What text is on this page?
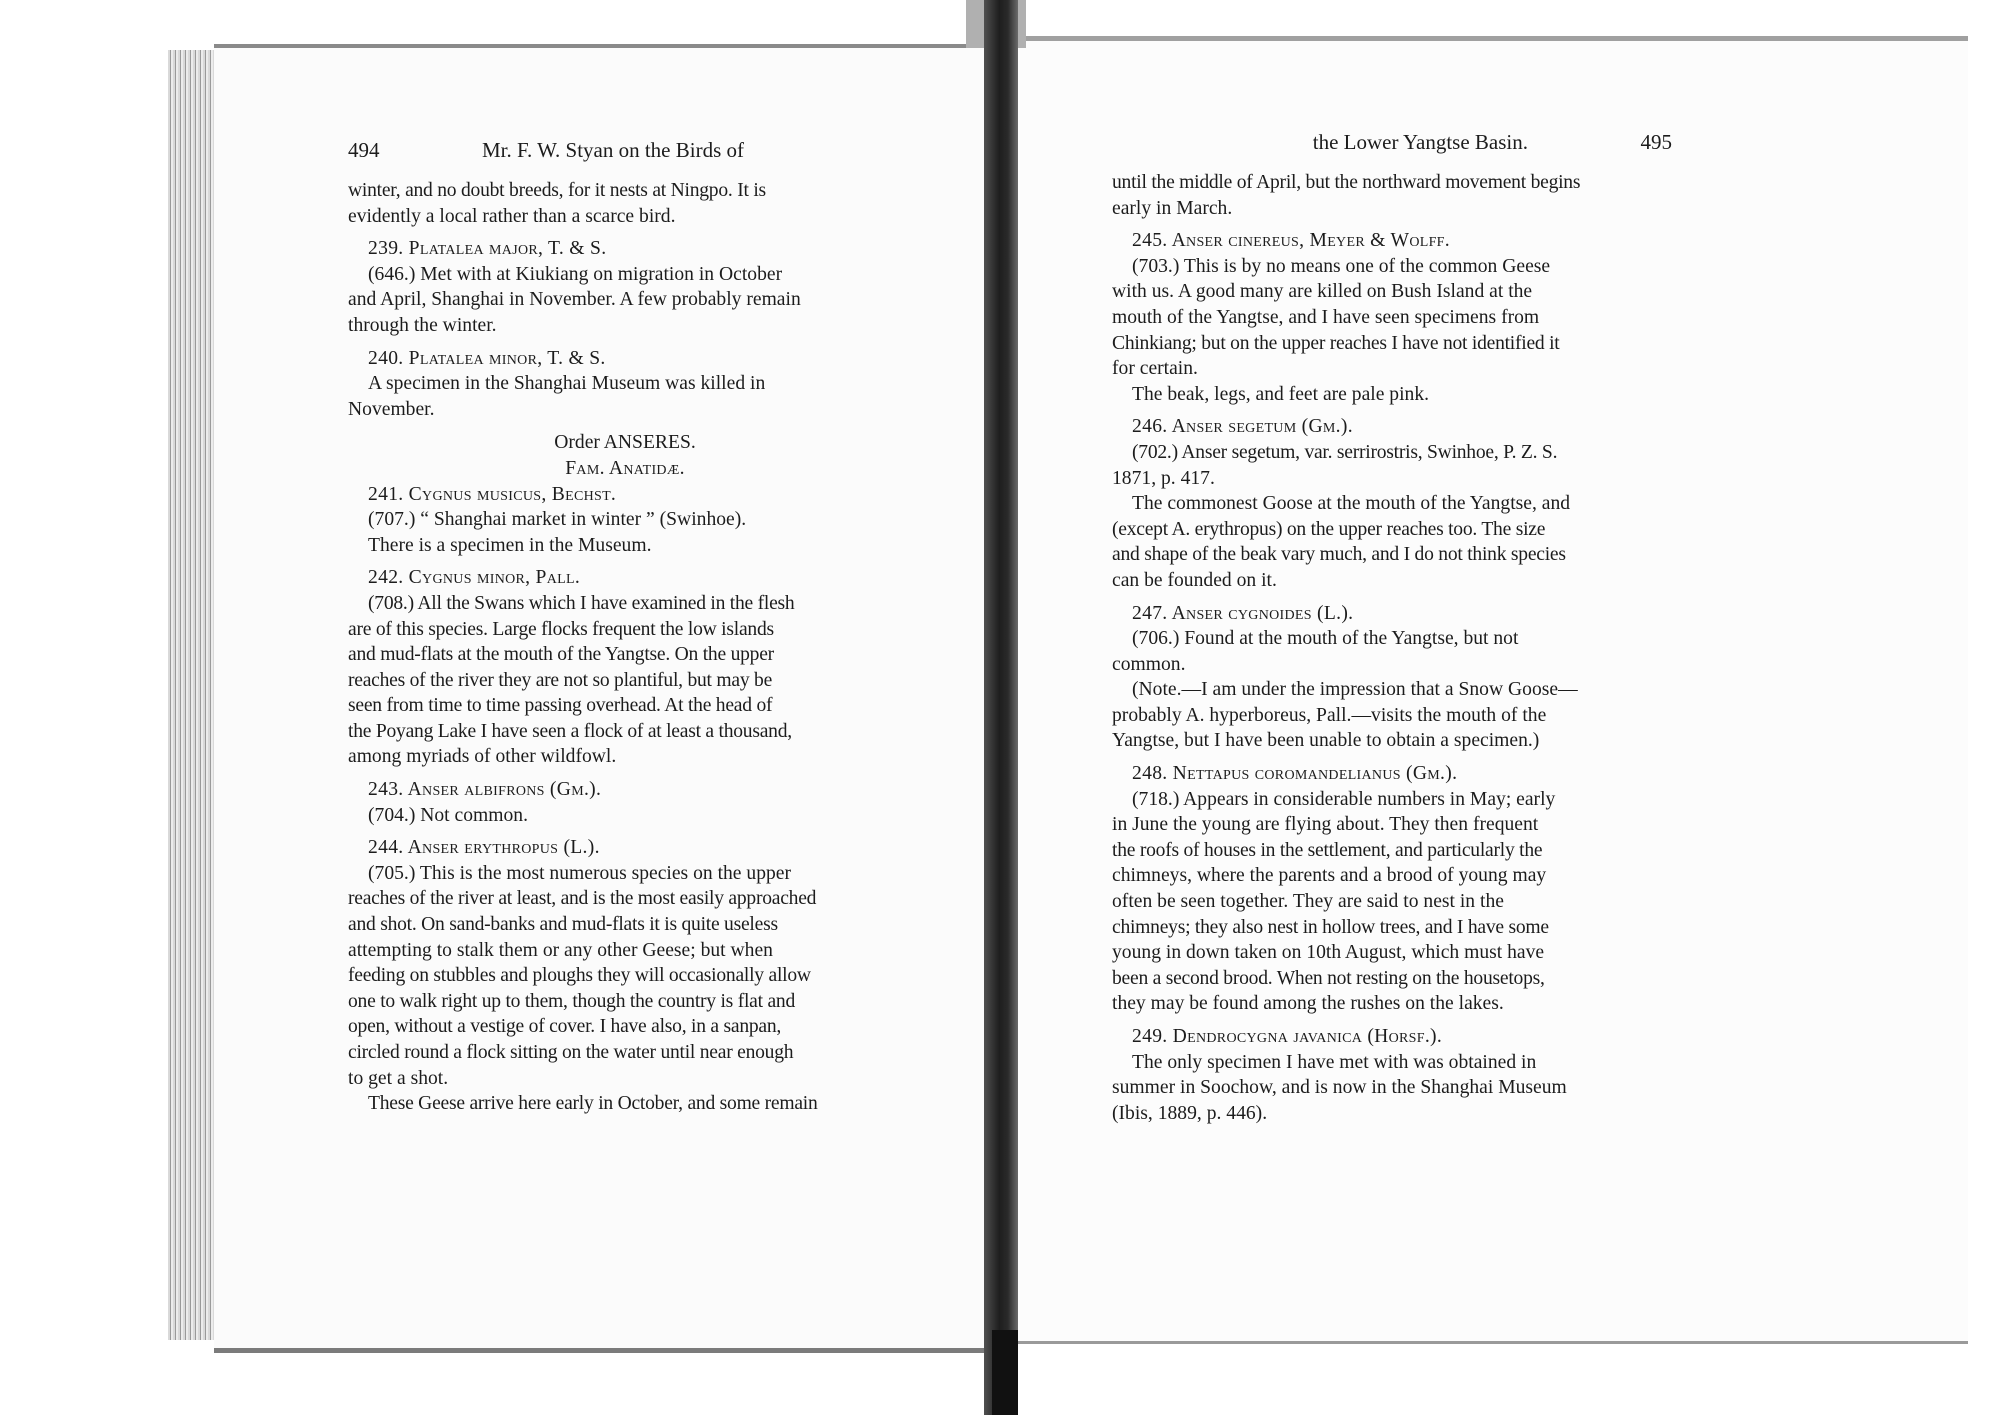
494	Mr. F. W. Styan on the Birds of

winter, and no doubt breeds, for it nests at Ningpo. It is

evidently a local rather than a scarce bird.

239. Platalea major, T. & S.

(646.) Met with at Kiukiang on migration in October

and April, Shanghai in November. A few probably remain

through the winter.

240. Platalea minor, T. & S.

A specimen in the Shanghai Museum was killed in

November.

Order ANSERES.

Fam. Anatidæ.

241. Cygnus musicus, Bechst.

(707.) “ Shanghai market in winter ” (Swinhoe).

There is a specimen in the Museum.

242. Cygnus minor, Pall.

(708.) All the Swans which I have examined in the flesh

are of this species. Large flocks frequent the low islands

and mud-flats at the mouth of the Yangtse. On the upper

reaches of the river they are not so plantiful, but may be

seen from time to time passing overhead. At the head of

the Poyang Lake I have seen a flock of at least a thousand,

among myriads of other wildfowl.

243. Anser albifrons (Gm.).

(704.) Not common.

244. Anser erythropus (L.).

(705.) This is the most numerous species on the upper

reaches of the river at least, and is the most easily approached

and shot. On sand-banks and mud-flats it is quite useless

attempting to stalk them or any other Geese; but when

feeding on stubbles and ploughs they will occasionally allow

one to walk right up to them, though the country is flat and

open, without a vestige of cover. I have also, in a sanpan,

circled round a flock sitting on the water until near enough

to get a shot.

These Geese arrive here early in October, and some remain

the Lower Yangtse Basin.	495

until the middle of April, but the northward movement begins

early in March.

245. Anser cinereus, Meyer & Wolff.

(703.) This is by no means one of the common Geese

with us. A good many are killed on Bush Island at the

mouth of the Yangtse, and I have seen specimens from

Chinkiang; but on the upper reaches I have not identified it

for certain.

The beak, legs, and feet are pale pink.

246. Anser segetum (Gm.).

(702.) Anser segetum, var. serrirostris, Swinhoe, P. Z. S.

1871, p. 417.

The commonest Goose at the mouth of the Yangtse, and

(except A. erythropus) on the upper reaches too. The size

and shape of the beak vary much, and I do not think species

can be founded on it.

247. Anser cygnoides (L.).

(706.) Found at the mouth of the Yangtse, but not

common.

(Note.—I am under the impression that a Snow Goose—

probably A. hyperboreus, Pall.—visits the mouth of the

Yangtse, but I have been unable to obtain a specimen.)

248. Nettapus coromandelianus (Gm.).

(718.) Appears in considerable numbers in May; early

in June the young are flying about. They then frequent

the roofs of houses in the settlement, and particularly the

chimneys, where the parents and a brood of young may

often be seen together. They are said to nest in the

chimneys; they also nest in hollow trees, and I have some

young in down taken on 10th August, which must have

been a second brood. When not resting on the housetops,

they may be found among the rushes on the lakes.

249. Dendrocygna javanica (Horsf.).

The only specimen I have met with was obtained in

summer in Soochow, and is now in the Shanghai Museum

(Ibis, 1889, p. 446).
